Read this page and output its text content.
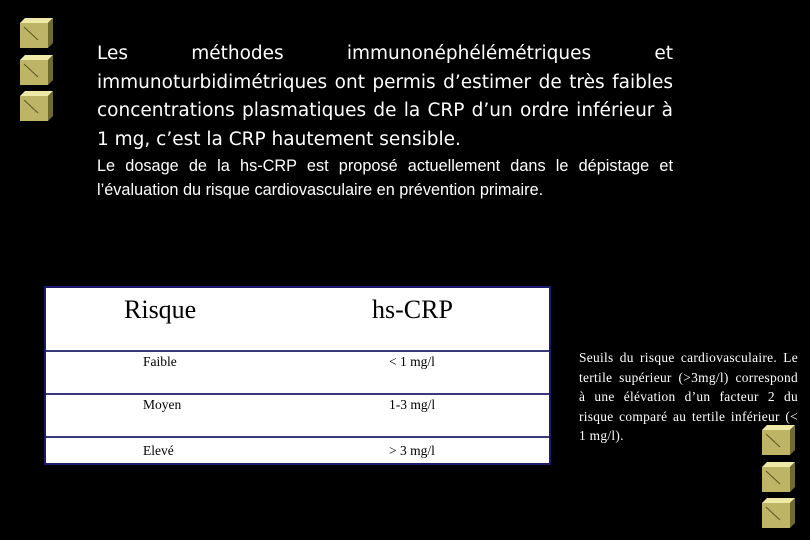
Les méthodes immunonéphélémétriques et immunoturbidimétriques ont permis d’estimer de très faibles concentrations plasmatiques de la CRP d’un ordre inférieur à 1 mg, c’est la CRP hautement sensible.

Le dosage de la hs-CRP est proposé actuellement dans le dépistage et l’évaluation du risque cardiovasculaire en prévention primaire.

Risque	hs-CRP
Faible	< 1 mg/l
Moyen	1-3 mg/l
Elevé	> 3 mg/l

Seuils du risque cardiovasculaire. Le tertile supérieur (>3mg/l) correspond à une élévation d’un facteur 2 du risque comparé au tertile inférieur (< 1 mg/l).
